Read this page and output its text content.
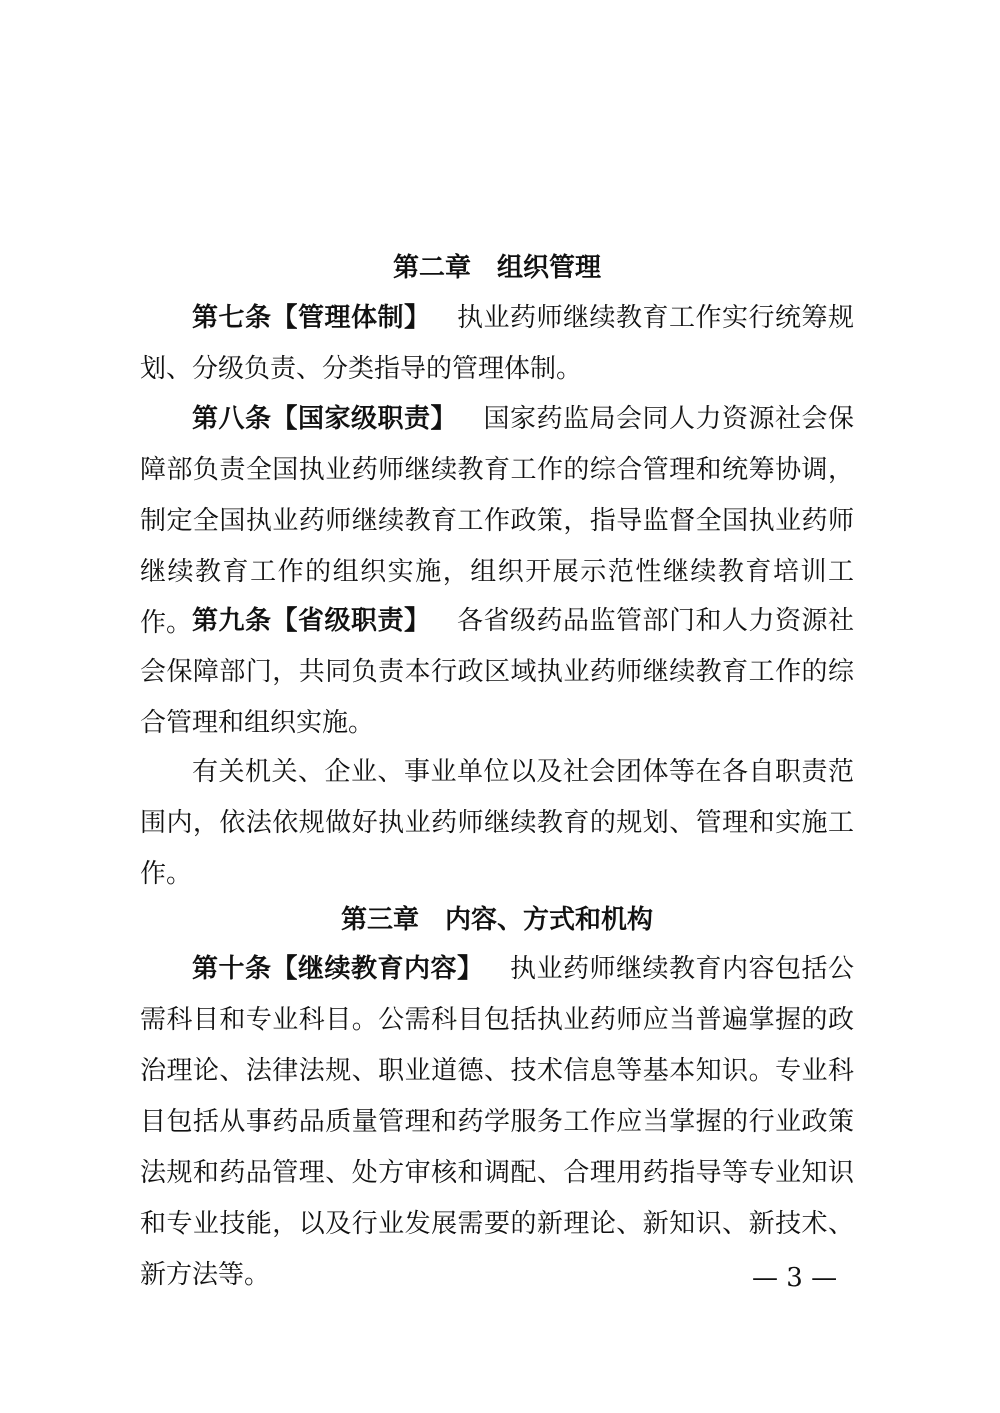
第二章 组织管理

第七条【管理体制】 执业药师继续教育工作实行统筹规划、分级负责、分类指导的管理体制。

第八条【国家级职责】 国家药监局会同人力资源社会保障部负责全国执业药师继续教育工作的综合管理和统筹协调，制定全国执业药师继续教育工作政策，指导监督全国执业药师继续教育工作的组织实施，组织开展示范性继续教育培训工作。 第九条【省级职责】 各省级药品监管部门和人力资源社会保障部门，共同负责本行政区域执业药师继续教育工作的综合管理和组织实施。

有关机关、企业、事业单位以及社会团体等在各自职责范围内，依法依规做好执业药师继续教育的规划、管理和实施工作。

第三章 内容、方式和机构

第十条【继续教育内容】 执业药师继续教育内容包括公需科目和专业科目。公需科目包括执业药师应当普遍掌握的政治理论、法律法规、职业道德、技术信息等基本知识。专业科目包括从事药品质量管理和药学服务工作应当掌握的行业政策法规和药品管理、处方审核和调配、合理用药指导等专业知识和专业技能，以及行业发展需要的新理论、新知识、新技术、新方法等。	— 3 —
